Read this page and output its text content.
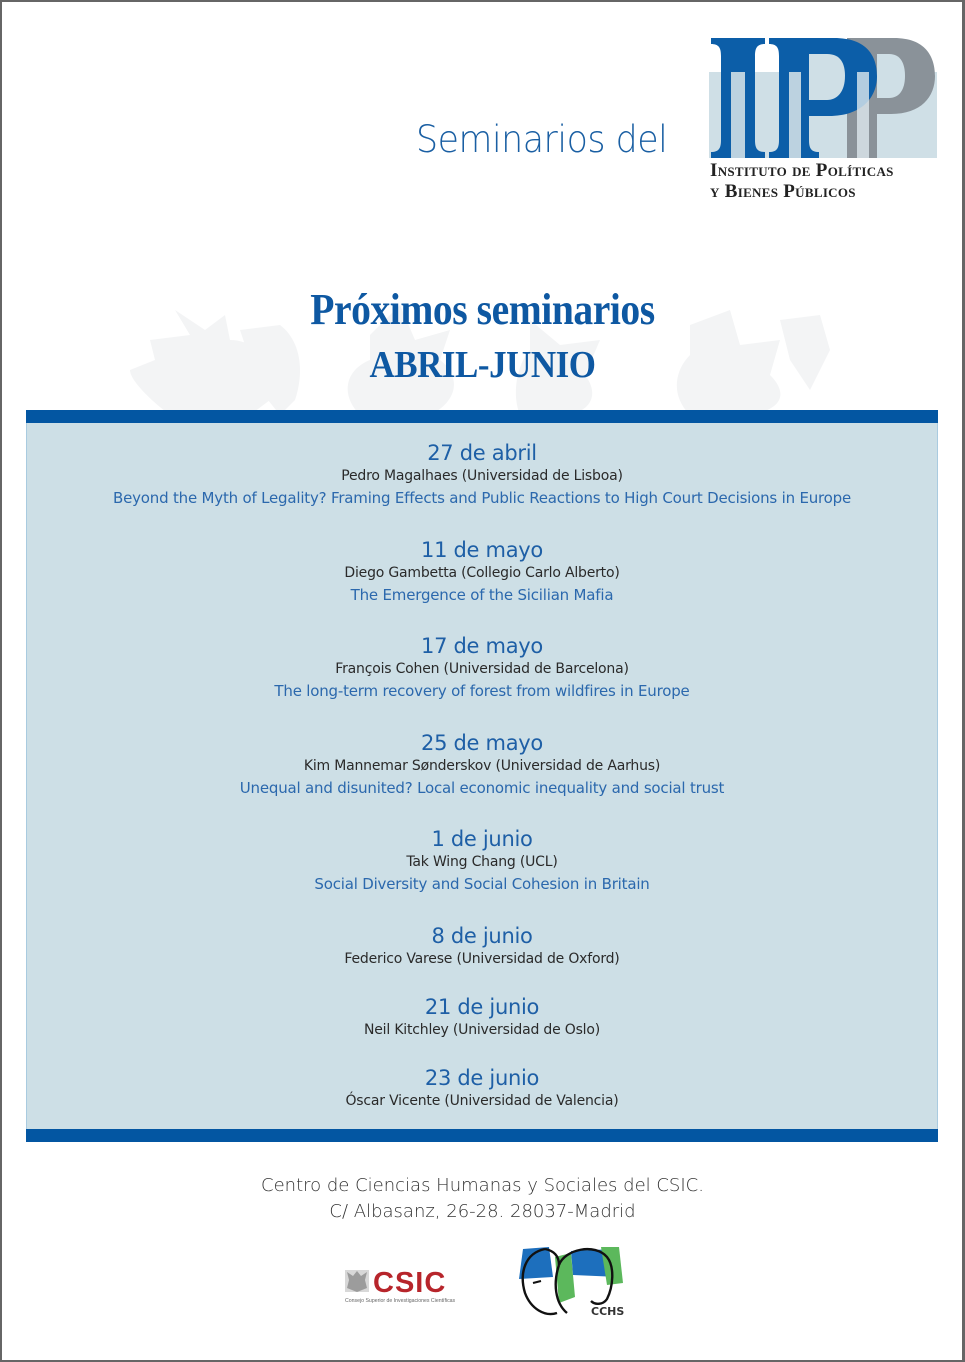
Seminarios del
Instituto de Políticas
y Bienes Públicos
Próximos seminarios
ABRIL-JUNIO
27 de abril
Pedro Magalhaes (Universidad de Lisboa)
Beyond the Myth of Legality? Framing Effects and Public Reactions to High Court Decisions in Europe
11 de mayo
Diego Gambetta (Collegio Carlo Alberto)
The Emergence of the Sicilian Mafia
17 de mayo
François Cohen (Universidad de Barcelona)
The long-term recovery of forest from wildfires in Europe
25 de mayo
Kim Mannemar Sønderskov (Universidad de Aarhus)
Unequal and disunited? Local economic inequality and social trust
1 de junio
Tak Wing Chang (UCL)
Social Diversity and Social Cohesion in Britain
8 de junio
Federico Varese (Universidad de Oxford)
21 de junio
Neil Kitchley (Universidad de Oslo)
23 de junio
Óscar Vicente (Universidad de Valencia)
Centro de Ciencias Humanas y Sociales del CSIC.
C/ Albasanz, 26-28. 28037-Madrid
CSIC
Consejo Superior de Investigaciones Científicas
CCHS
